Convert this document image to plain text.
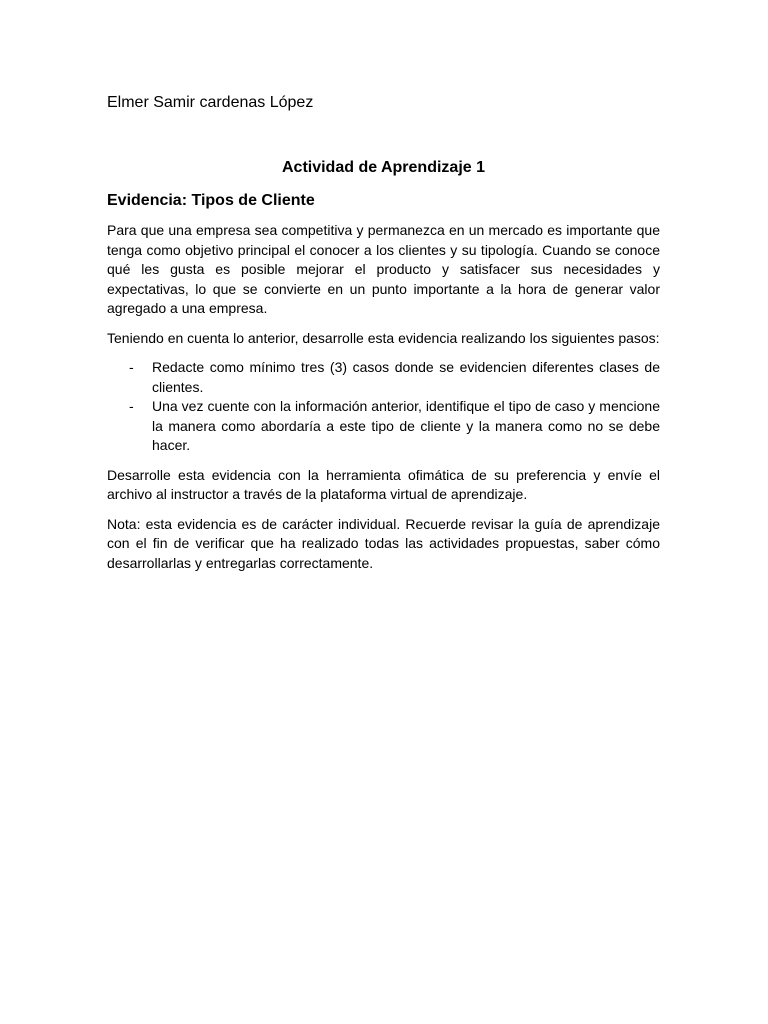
Elmer Samir cardenas López
Actividad de Aprendizaje 1
Evidencia: Tipos de Cliente

Para que una empresa sea competitiva y permanezca en un mercado es importante que tenga como objetivo principal el conocer a los clientes y su tipología. Cuando se conoce qué les gusta es posible mejorar el producto y satisfacer sus necesidades y expectativas, lo que se convierte en un punto importante a la hora de generar valor agregado a una empresa.

Teniendo en cuenta lo anterior, desarrolle esta evidencia realizando los siguientes pasos:

- Redacte como mínimo tres (3) casos donde se evidencien diferentes clases de clientes.
- Una vez cuente con la información anterior, identifique el tipo de caso y mencione la manera como abordaría a este tipo de cliente y la manera como no se debe hacer.

Desarrolle esta evidencia con la herramienta ofimática de su preferencia y envíe el archivo al instructor a través de la plataforma virtual de aprendizaje.

Nota: esta evidencia es de carácter individual. Recuerde revisar la guía de aprendizaje con el fin de verificar que ha realizado todas las actividades propuestas, saber cómo desarrollarlas y entregarlas correctamente.
